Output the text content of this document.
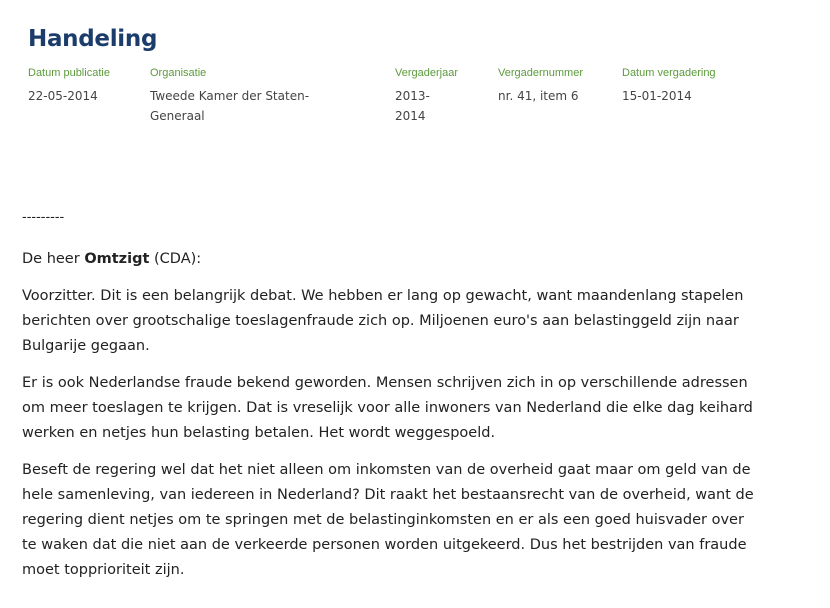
Handeling
Datum publicatie
22-05-2014
Organisatie
Tweede Kamer der Staten-Generaal
Vergaderjaar
2013-2014
Vergadernummer
nr. 41, item 6
Datum vergadering
15-01-2014
---------

De heer Omtzigt (CDA):

Voorzitter. Dit is een belangrijk debat. We hebben er lang op gewacht, want maandenlang stapelen berichten over grootschalige toeslagenfraude zich op. Miljoenen euro's aan belastinggeld zijn naar Bulgarije gegaan.

Er is ook Nederlandse fraude bekend geworden. Mensen schrijven zich in op verschillende adressen om meer toeslagen te krijgen. Dat is vreselijk voor alle inwoners van Nederland die elke dag keihard werken en netjes hun belasting betalen. Het wordt weggespoeld.

Beseft de regering wel dat het niet alleen om inkomsten van de overheid gaat maar om geld van de hele samenleving, van iedereen in Nederland? Dit raakt het bestaansrecht van de overheid, want de regering dient netjes om te springen met de belastinginkomsten en er als een goed huisvader over te waken dat die niet aan de verkeerde personen worden uitgekeerd. Dus het bestrijden van fraude moet topprioriteit zijn.
